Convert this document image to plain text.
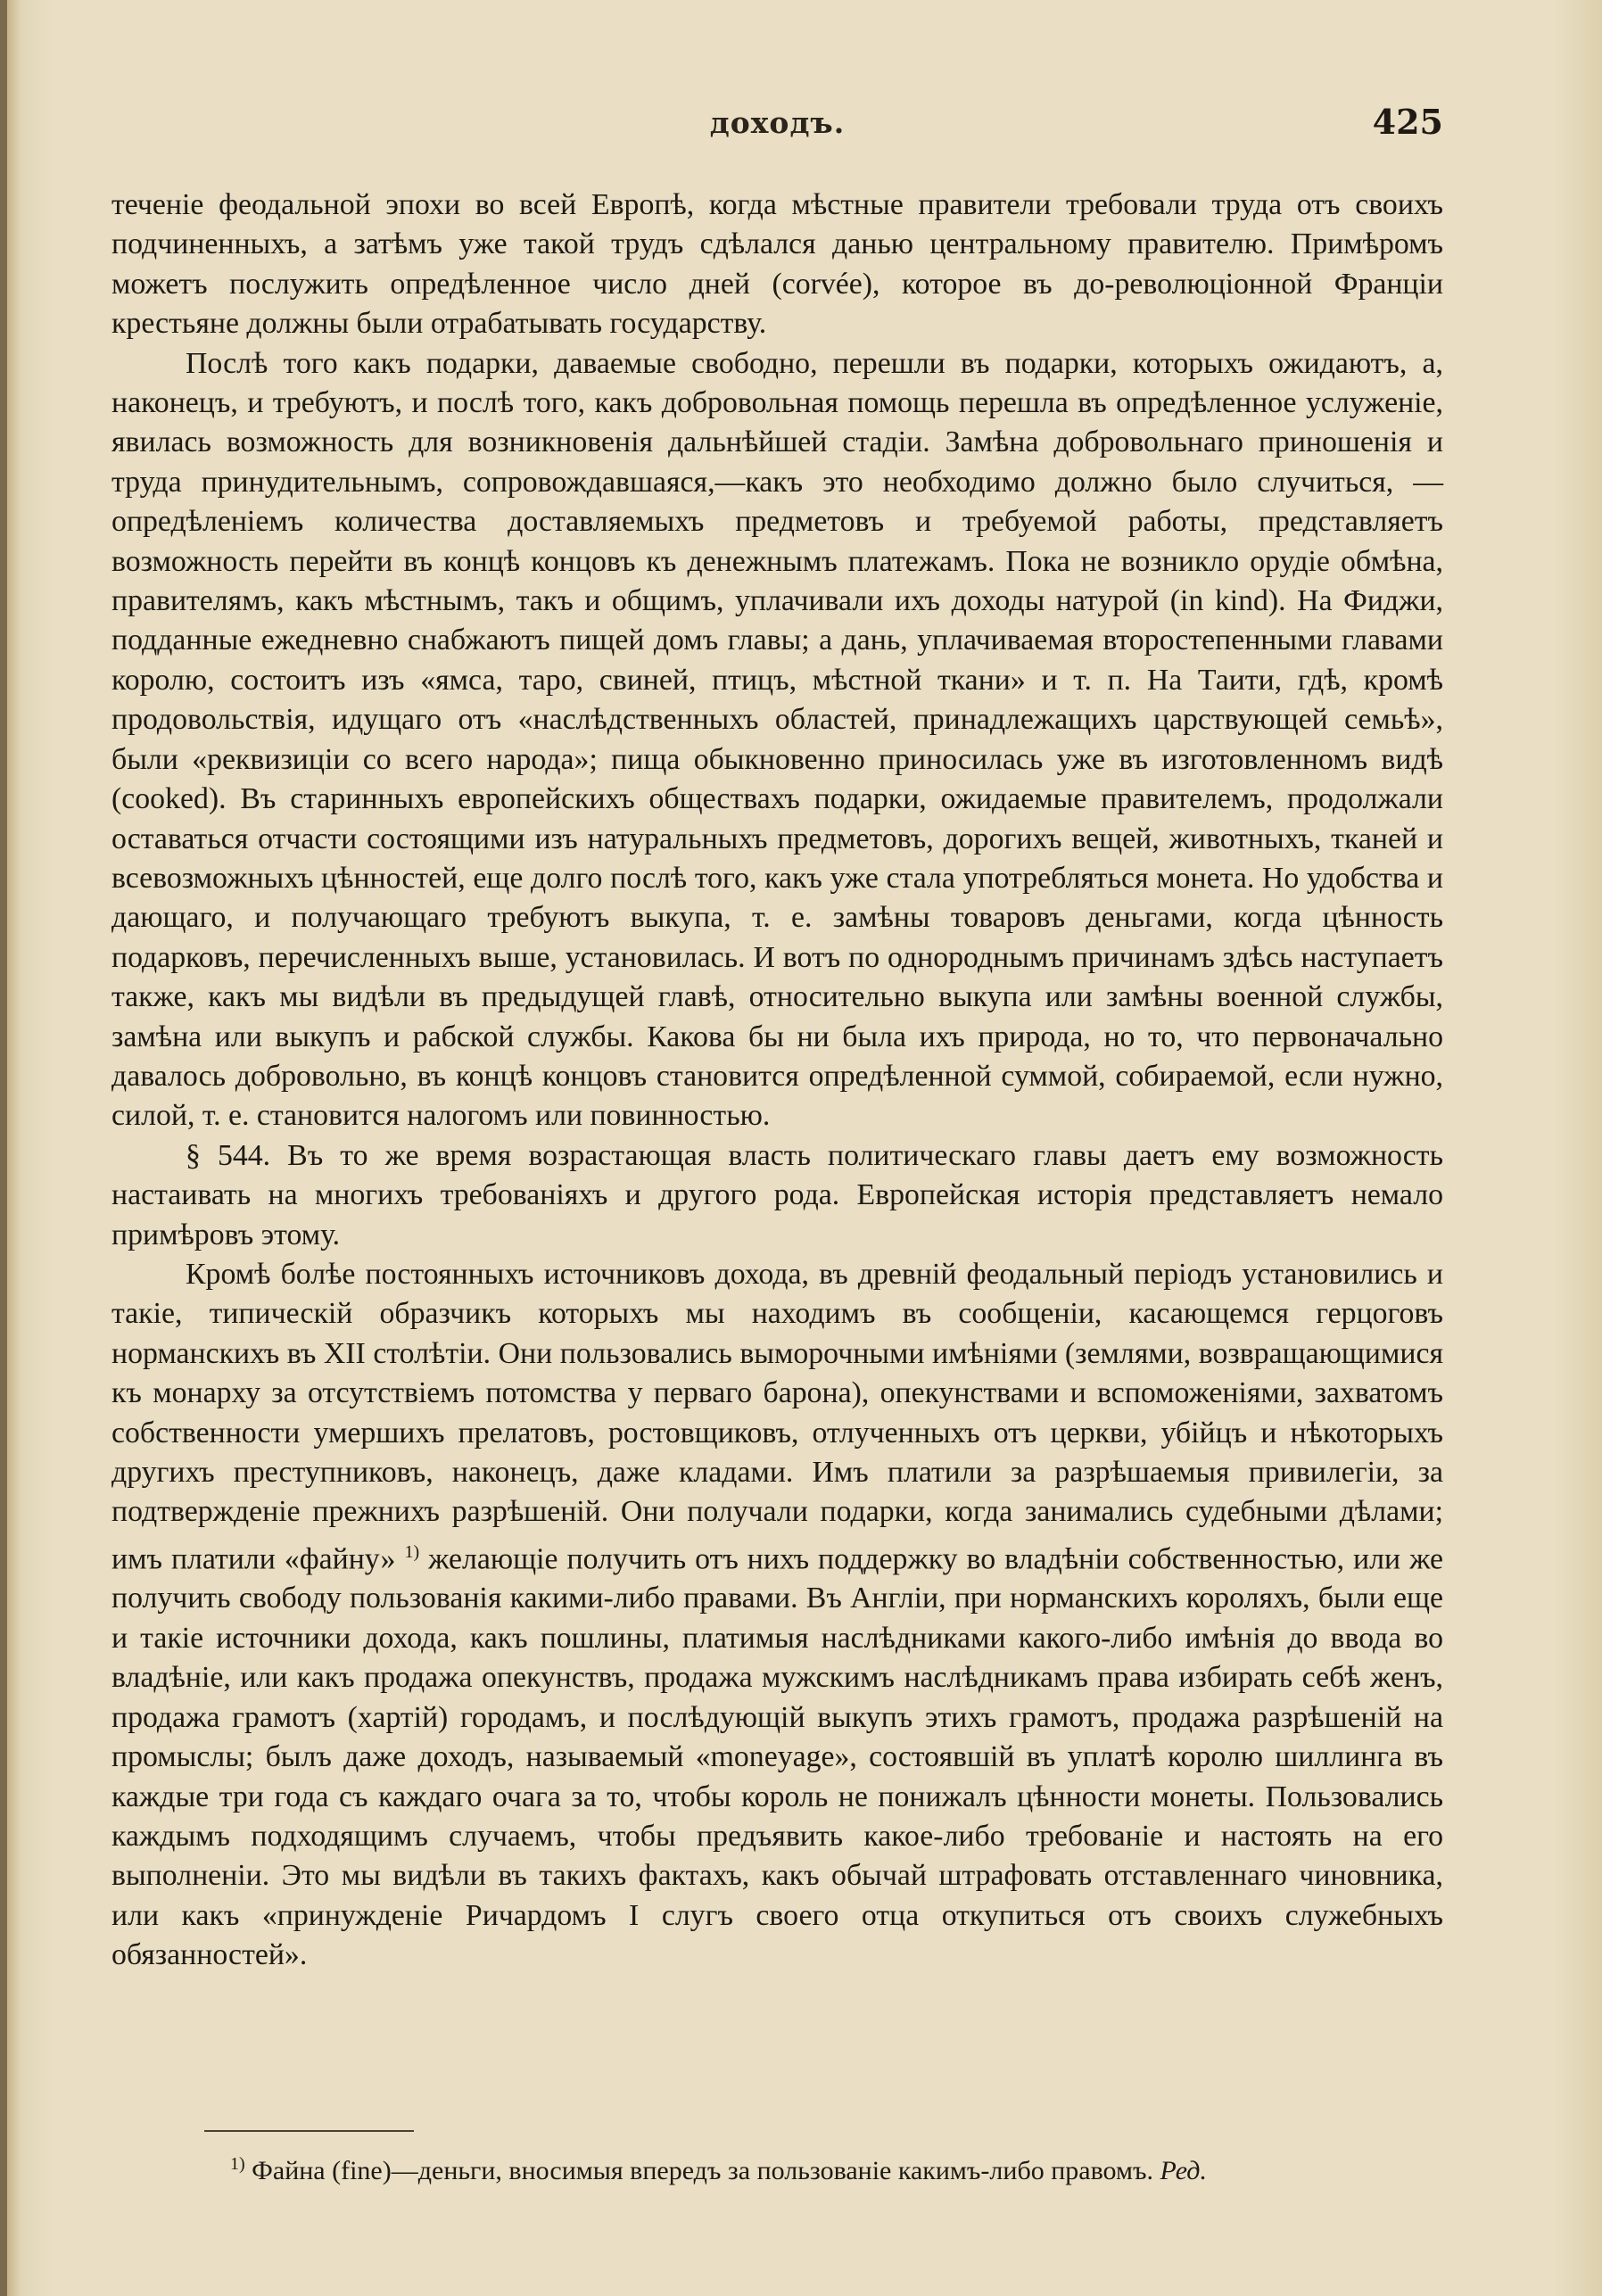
доходъ.	425

теченіе феодальной эпохи во всей Европѣ, когда мѣстные правители требовали труда отъ своихъ подчиненныхъ, а затѣмъ уже такой трудъ сдѣлался данью центральному правителю. Примѣромъ можетъ послужить опредѣленное число дней (corvée), которое въ до-революціонной Франціи крестьяне должны были отрабатывать государству.

Послѣ того какъ подарки, даваемые свободно, перешли въ подарки, которыхъ ожидаютъ, а, наконецъ, и требуютъ, и послѣ того, какъ добровольная помощь перешла въ опредѣленное услуженіе, явилась возможность для возникновенія дальнѣйшей стадіи. Замѣна добровольнаго приношенія и труда принудительнымъ, сопровождавшаяся,—какъ это необходимо должно было случиться, — опредѣленіемъ количества доставляемыхъ предметовъ и требуемой работы, представляетъ возможность перейти въ концѣ концовъ къ денежнымъ платежамъ. Пока не возникло орудіе обмѣна, правителямъ, какъ мѣстнымъ, такъ и общимъ, уплачивали ихъ доходы натурой (in kind). На Фиджи, подданные ежедневно снабжаютъ пищей домъ главы; а дань, уплачиваемая второстепенными главами королю, состоитъ изъ «ямса, таро, свиней, птицъ, мѣстной ткани» и т. п. На Таити, гдѣ, кромѣ продовольствія, идущаго отъ «наслѣдственныхъ областей, принадлежащихъ царствующей семьѣ», были «реквизиціи со всего народа»; пища обыкновенно приносилась уже въ изготовленномъ видѣ (cooked). Въ старинныхъ европейскихъ обществахъ подарки, ожидаемые правителемъ, продолжали оставаться отчасти состоящими изъ натуральныхъ предметовъ, дорогихъ вещей, животныхъ, тканей и всевозможныхъ цѣнностей, еще долго послѣ того, какъ уже стала употребляться монета. Но удобства и дающаго, и получающаго требуютъ выкупа, т. е. замѣны товаровъ деньгами, когда цѣнность подарковъ, перечисленныхъ выше, установилась. И вотъ по однороднымъ причинамъ здѣсь наступаетъ также, какъ мы видѣли въ предыдущей главѣ, относительно выкупа или замѣны военной службы, замѣна или выкупъ и рабской службы. Какова бы ни была ихъ природа, но то, что первоначально давалось добровольно, въ концѣ концовъ становится опредѣленной суммой, собираемой, если нужно, силой, т. е. становится налогомъ или повинностью.

§ 544. Въ то же время возрастающая власть политическаго главы даетъ ему возможность настаивать на многихъ требованіяхъ и другого рода. Европейская исторія представляетъ немало примѣровъ этому.

Кромѣ болѣе постоянныхъ источниковъ дохода, въ древній феодальный періодъ установились и такіе, типическій образчикъ которыхъ мы находимъ въ сообщеніи, касающемся герцоговъ норманскихъ въ XII столѣтіи. Они пользовались выморочными имѣніями (землями, возвращающимися къ монарху за отсутствіемъ потомства у перваго барона), опекунствами и вспоможеніями, захватомъ собственности умершихъ прелатовъ, ростовщиковъ, отлученныхъ отъ церкви, убійцъ и нѣкоторыхъ другихъ преступниковъ, наконецъ, даже кладами. Имъ платили за разрѣшаемыя привилегіи, за подтвержденіе прежнихъ разрѣшеній. Они получали подарки, когда занимались судебными дѣлами; имъ платили «файну» $^{1)}$ желающіе получить отъ нихъ поддержку во владѣніи собственностью, или же получить свободу пользованія какими-либо правами. Въ Англіи, при норманскихъ короляхъ, были еще и такіе источники дохода, какъ пошлины, платимыя наслѣдниками какого-либо имѣнія до ввода во владѣніе, или какъ продажа опекунствъ, продажа мужскимъ наслѣдникамъ права избирать себѣ женъ, продажа грамотъ (хартій) городамъ, и послѣдующій выкупъ этихъ грамотъ, продажа разрѣшеній на промыслы; былъ даже доходъ, называемый «moneyage», состоявшій въ уплатѣ королю шиллинга въ каждые три года съ каждаго очага за то, чтобы король не понижалъ цѣнности монеты. Пользовались каждымъ подходящимъ случаемъ, чтобы предъявить какое-либо требованіе и настоять на его выполненіи. Это мы видѣли въ такихъ фактахъ, какъ обычай штрафовать отставленнаго чиновника, или какъ «принужденіе Ричардомъ I слугъ своего отца откупиться отъ своихъ служебныхъ обязанностей».

$^{1)}$ Файна (fine)—деньги, вносимыя впередъ за пользованіе какимъ-либо правомъ. Ред.
